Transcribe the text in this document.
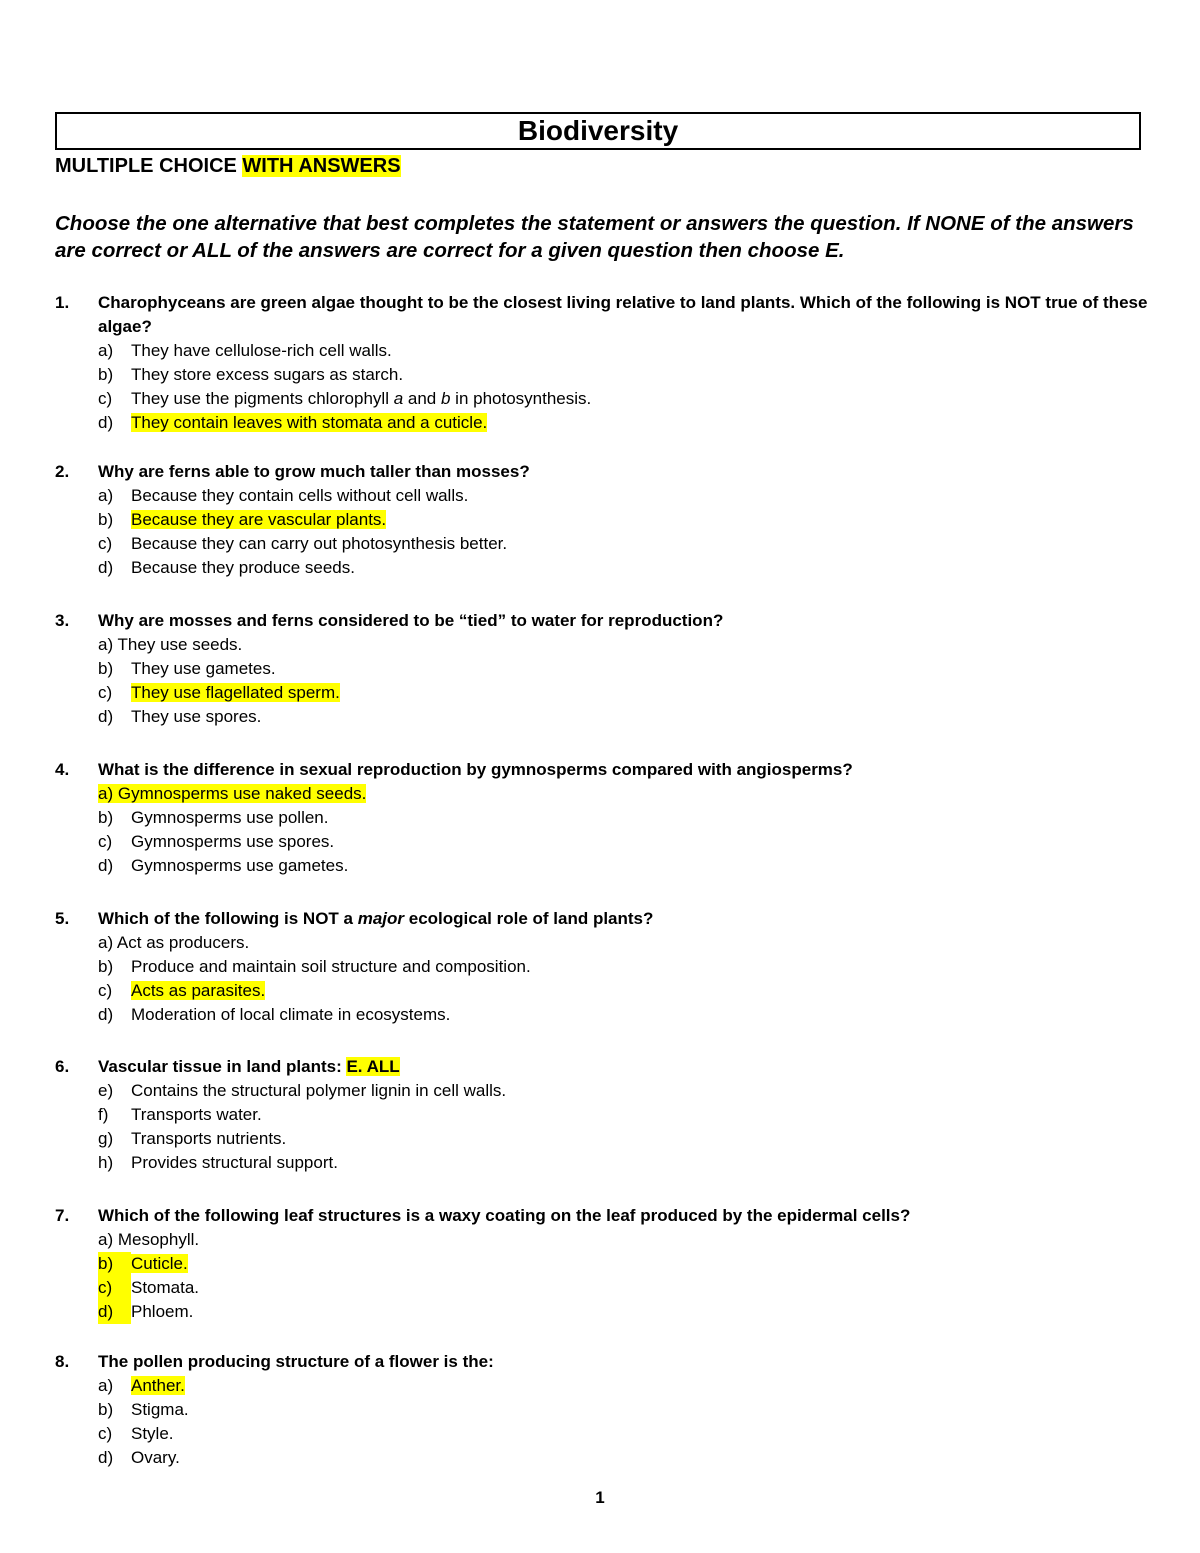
Biodiversity
MULTIPLE CHOICE WITH ANSWERS
Choose the one alternative that best completes the statement or answers the question. If NONE of the answers are correct or ALL of the answers are correct for a given question then choose E.
1. Charophyceans are green algae thought to be the closest living relative to land plants. Which of the following is NOT true of these algae?
a) They have cellulose-rich cell walls.
b) They store excess sugars as starch.
c) They use the pigments chlorophyll a and b in photosynthesis.
d) They contain leaves with stomata and a cuticle.
2. Why are ferns able to grow much taller than mosses?
a) Because they contain cells without cell walls.
b) Because they are vascular plants.
c) Because they can carry out photosynthesis better.
d) Because they produce seeds.
3. Why are mosses and ferns considered to be “tied” to water for reproduction?
a) They use seeds.
b) They use gametes.
c) They use flagellated sperm.
d) They use spores.
4. What is the difference in sexual reproduction by gymnosperms compared with angiosperms?
a) Gymnosperms use naked seeds.
b) Gymnosperms use pollen.
c) Gymnosperms use spores.
d) Gymnosperms use gametes.
5. Which of the following is NOT a major ecological role of land plants?
a) Act as producers.
b) Produce and maintain soil structure and composition.
c) Acts as parasites.
d) Moderation of local climate in ecosystems.
6. Vascular tissue in land plants: E. ALL
e) Contains the structural polymer lignin in cell walls.
f) Transports water.
g) Transports nutrients.
h) Provides structural support.
7. Which of the following leaf structures is a waxy coating on the leaf produced by the epidermal cells?
a) Mesophyll.
b) Cuticle.
c) Stomata.
d) Phloem.
8. The pollen producing structure of a flower is the:
a) Anther.
b) Stigma.
c) Style.
d) Ovary.
1
